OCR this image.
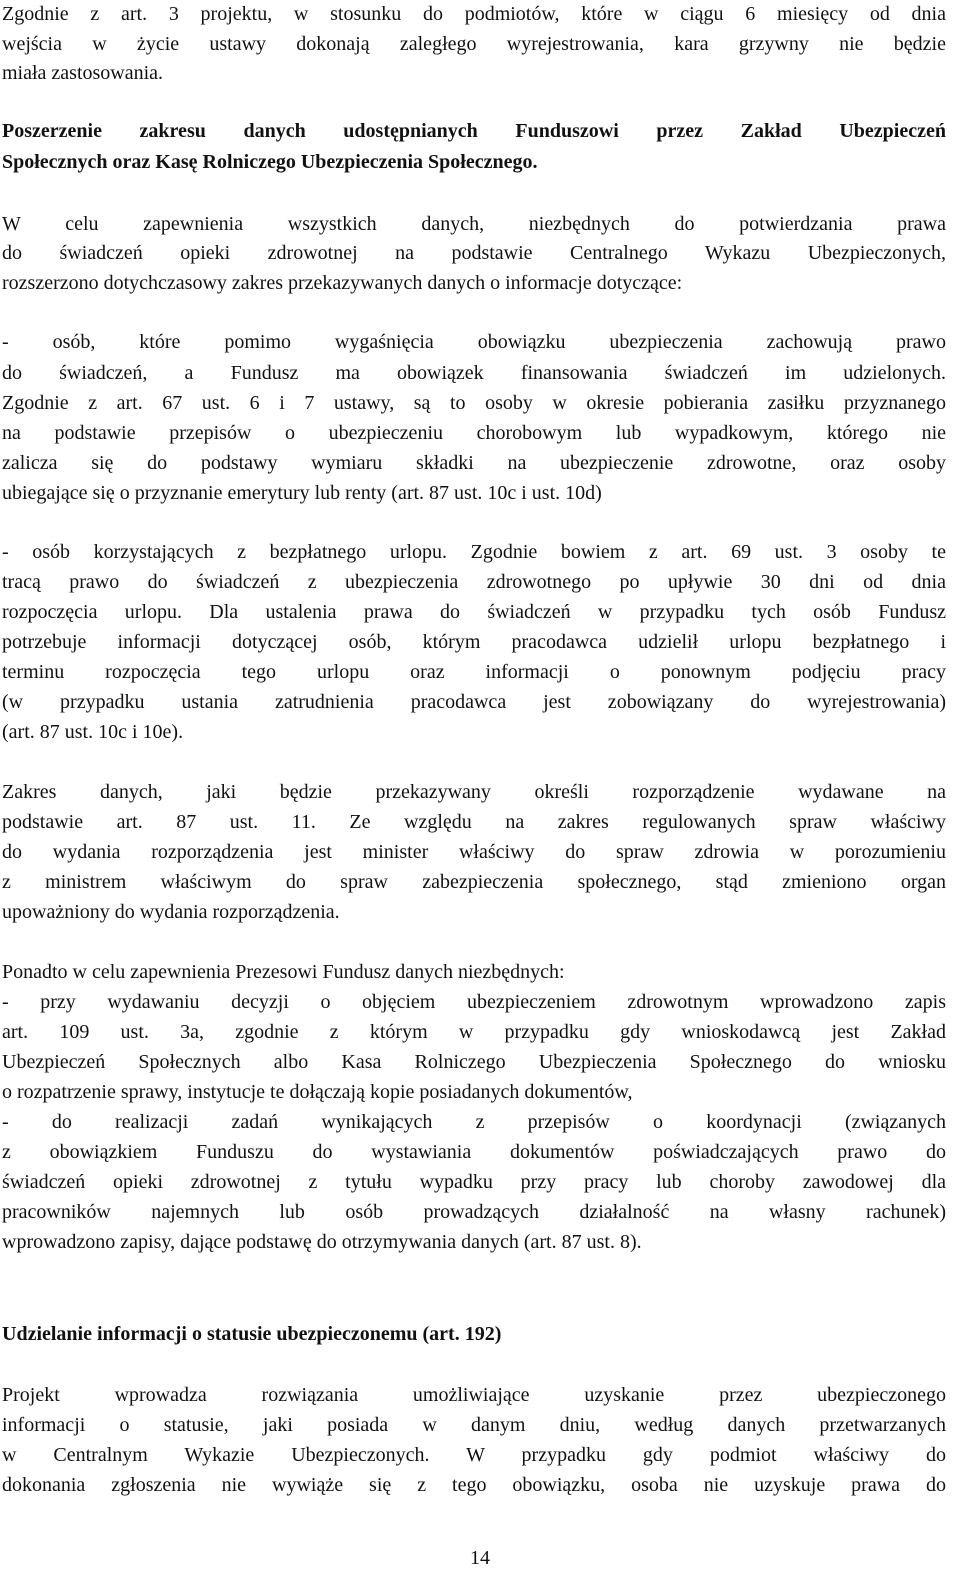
Zgodnie z art. 3 projektu, w stosunku do podmiotów, które w ciągu 6 miesięcy od dnia
wejścia w życie ustawy dokonają zaległego wyrejestrowania, kara grzywny nie będzie
miała zastosowania.
Poszerzenie zakresu danych udostępnianych Funduszowi przez Zakład Ubezpieczeń
Społecznych oraz Kasę Rolniczego Ubezpieczenia Społecznego.
W celu zapewnienia wszystkich danych, niezbędnych do potwierdzania prawa
do świadczeń opieki zdrowotnej na podstawie Centralnego Wykazu Ubezpieczonych,
rozszerzono dotychczasowy zakres przekazywanych danych o informacje dotyczące:
- osób, które pomimo wygaśnięcia obowiązku ubezpieczenia zachowują prawo
do świadczeń, a Fundusz ma obowiązek finansowania świadczeń im udzielonych.
Zgodnie z art. 67 ust. 6 i 7 ustawy, są to osoby w okresie pobierania zasiłku przyznanego
na podstawie przepisów o ubezpieczeniu chorobowym lub wypadkowym, którego nie
zalicza się do podstawy wymiaru składki na ubezpieczenie zdrowotne, oraz osoby
ubiegające się o przyznanie emerytury lub renty (art. 87 ust. 10c i ust. 10d)
- osób korzystających z bezpłatnego urlopu. Zgodnie bowiem z art. 69 ust. 3 osoby te
tracą prawo do świadczeń z ubezpieczenia zdrowotnego po upływie 30 dni od dnia
rozpoczęcia urlopu. Dla ustalenia prawa do świadczeń w przypadku tych osób Fundusz
potrzebuje informacji dotyczącej osób, którym pracodawca udzielił urlopu bezpłatnego i
terminu rozpoczęcia tego urlopu oraz informacji o ponownym podjęciu pracy
(w przypadku ustania zatrudnienia pracodawca jest zobowiązany do wyrejestrowania)
(art. 87 ust. 10c i 10e).
Zakres danych, jaki będzie przekazywany określi rozporządzenie wydawane na
podstawie art. 87 ust. 11. Ze względu na zakres regulowanych spraw właściwy
do wydania rozporządzenia jest minister właściwy do spraw zdrowia w porozumieniu
z ministrem właściwym do spraw zabezpieczenia społecznego, stąd zmieniono organ
upoważniony do wydania rozporządzenia.
Ponadto w celu zapewnienia Prezesowi Fundusz danych niezbędnych:
- przy wydawaniu decyzji o objęciem ubezpieczeniem zdrowotnym wprowadzono zapis
art. 109 ust. 3a, zgodnie z którym w przypadku gdy wnioskodawcą jest Zakład
Ubezpieczeń Społecznych albo Kasa Rolniczego Ubezpieczenia Społecznego do wniosku
o rozpatrzenie sprawy, instytucje te dołączają kopie posiadanych dokumentów,
- do realizacji zadań wynikających z przepisów o koordynacji (związanych
z obowiązkiem Funduszu do wystawiania dokumentów poświadczających prawo do
świadczeń opieki zdrowotnej z tytułu wypadku przy pracy lub choroby zawodowej dla
pracowników najemnych lub osób prowadzących działalność na własny rachunek)
wprowadzono zapisy, dające podstawę do otrzymywania danych (art. 87 ust. 8).
Udzielanie informacji o statusie ubezpieczonemu (art. 192)
Projekt wprowadza rozwiązania umożliwiające uzyskanie przez ubezpieczonego
informacji o statusie, jaki posiada w danym dniu, według danych przetwarzanych
w Centralnym Wykazie Ubezpieczonych. W przypadku gdy podmiot właściwy do
dokonania zgłoszenia nie wywiąże się z tego obowiązku, osoba nie uzyskuje prawa do
14
